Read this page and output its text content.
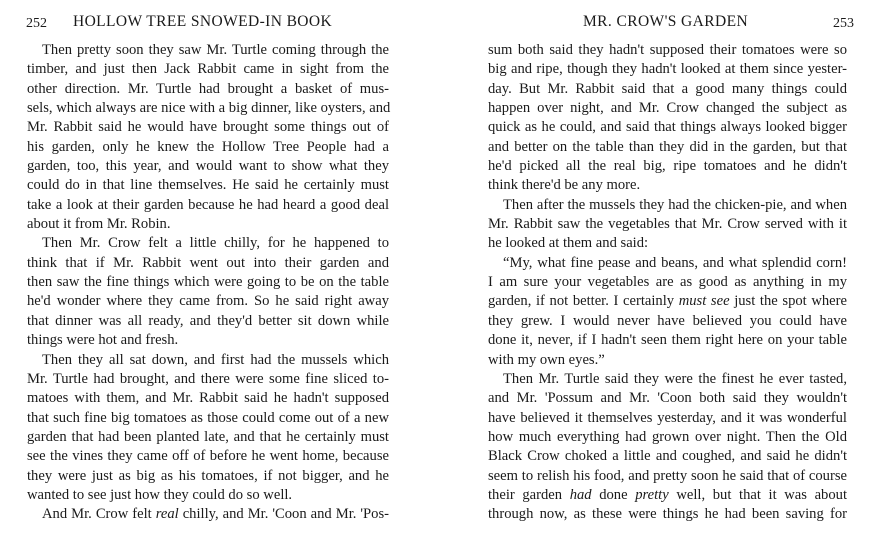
252 HOLLOW TREE SNOWED-IN BOOK
Then pretty soon they saw Mr. Turtle coming through the
timber, and just then Jack Rabbit came in sight from the
other direction. Mr. Turtle had brought a basket of mus-
sels, which always are nice with a big dinner, like oysters, and
Mr. Rabbit said he would have brought some things out of
his garden, only he knew the Hollow Tree People had a
garden, too, this year, and would want to show what they
could do in that line themselves. He said he certainly must
take a look at their garden because he had heard a good deal
about it from Mr. Robin.
Then Mr. Crow felt a little chilly, for he happened to
think that if Mr. Rabbit went out into their garden and
then saw the fine things which were going to be on the table
he'd wonder where they came from. So he said right away
that dinner was all ready, and they'd better sit down while
things were hot and fresh.
Then they all sat down, and first had the mussels which
Mr. Turtle had brought, and there were some fine sliced to-
matoes with them, and Mr. Rabbit said he hadn't supposed
that such fine big tomatoes as those could come out of a new
garden that had been planted late, and that he certainly must
see the vines they came off of before he went home, because
they were just as big as his tomatoes, if not bigger, and he
wanted to see just how they could do so well.
And Mr. Crow felt real chilly, and Mr. 'Coon and Mr. 'Pos-
MR. CROW'S GARDEN	253
sum both said they hadn't supposed their tomatoes were so
big and ripe, though they hadn't looked at them since yester-
day. But Mr. Rabbit said that a good many things could
happen over night, and Mr. Crow changed the subject as
quick as he could, and said that things always looked bigger
and better on the table than they did in the garden, but that
he'd picked all the real big, ripe tomatoes and he didn't
think there'd be any more.
Then after the mussels they had the chicken-pie, and when
Mr. Rabbit saw the vegetables that Mr. Crow served with it
he looked at them and said:
“My, what fine pease and beans, and what splendid corn!
I am sure your vegetables are as good as anything in my
garden, if not better. I certainly must see just the spot where
they grew. I would never have believed you could have
done it, never, if I hadn't seen them right here on your table
with my own eyes.”
Then Mr. Turtle said they were the finest he ever tasted,
and Mr. 'Possum and Mr. 'Coon both said they wouldn't
have believed it themselves yesterday, and it was wonderful
how much everything had grown over night. Then the Old
Black Crow choked a little and coughed, and said he didn't
seem to relish his food, and pretty soon he said that of course
their garden had done pretty well, but that it was about
through now, as these were things he had been saving for
